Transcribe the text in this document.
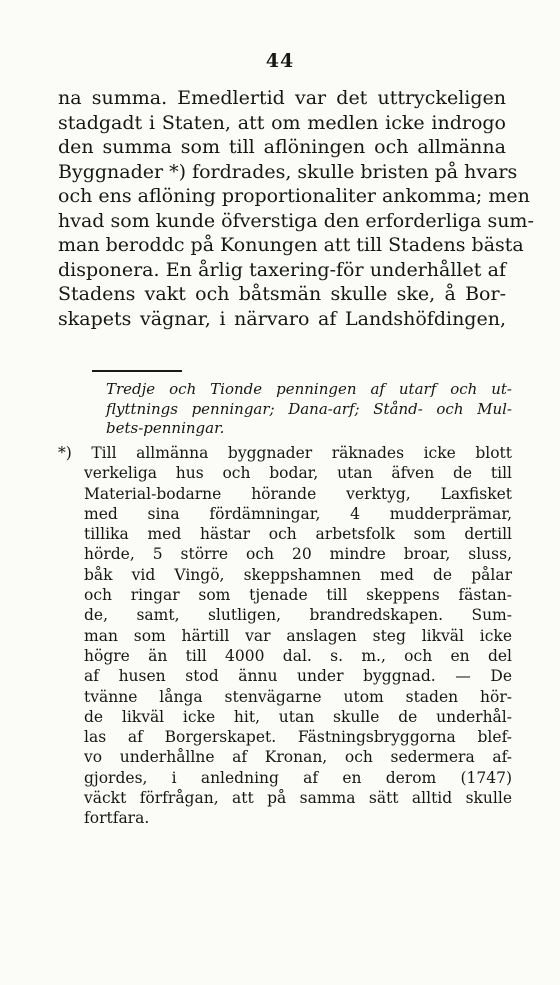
44
na summa. Emedlertid var det uttryckeligen
stadgadt i Staten, att om medlen icke indrogo
den summa som till aflöningen och allmänna
Byggnader *) fordrades, skulle bristen på hvars
och ens aflöning proportionaliter ankomma; men
hvad som kunde öfverstiga den erforderliga sum-
man beroddc på Konungen att till Stadens bästa
disponera. En årlig taxering-för underhållet af
Stadens vakt och båtsmän skulle ske, å Bor-
skapets vägnar, i närvaro af Landshöfdingen,
Tredje och Tionde penningen af utarf och ut-
flyttnings penningar; Dana-arf; Stånd- och Mul-
bets-penningar.
*) Till allmänna byggnader räknades icke blott
verkeliga hus och bodar, utan äfven de till
Material-bodarne hörande verktyg, Laxfisket
med sina fördämningar, 4 mudderprämar,
tillika med hästar och arbetsfolk som dertill
hörde, 5 större och 20 mindre broar, sluss,
båk vid Vingö, skeppshamnen med de pålar
och ringar som tjenade till skeppens fästan-
de, samt, slutligen, brandredskapen. Sum-
man som härtill var anslagen steg likväl icke
högre än till 4000 dal. s. m., och en del
af husen stod ännu under byggnad. — De
tvänne långa stenvägarne utom staden hör-
de likväl icke hit, utan skulle de underhål-
las af Borgerskapet. Fästningsbryggorna blef-
vo underhållne af Kronan, och sedermera af-
gjordes, i anledning af en derom (1747)
väckt förfrågan, att på samma sätt alltid skulle
fortfara.
